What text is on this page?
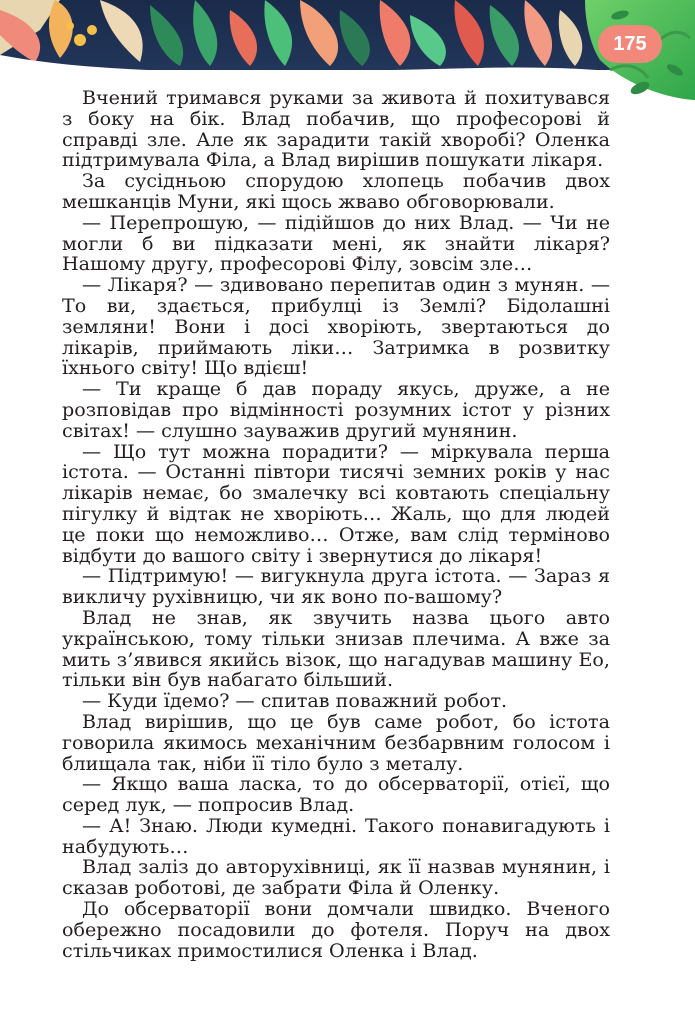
175

Вчений тримався руками за живота й похитувався з боку на бік. Влад побачив, що професорові й справді зле. Але як зарадити такій хворобі? Оленка підтримувала Філа, а Влад вирішив пошукати лікаря.

За сусідньою спорудою хлопець побачив двох мешканців Муни, які щось жваво обговорювали.

— Перепрошую, — підійшов до них Влад. — Чи не могли б ви підказати мені, як знайти лікаря? Нашому другу, професорові Філу, зовсім зле…

— Лікаря? — здивовано перепитав один з мунян. — То ви, здається, прибулці із Землі? Бідолашні земляни! Вони і досі хворіють, звертаються до лікарів, приймають ліки… Затримка в розвитку їхнього світу! Що вдієш!

— Ти краще б дав пораду якусь, друже, а не розповідав про відмінності розумних істот у різних світах! — слушно зауважив другий мунянин.

— Що тут можна порадити? — міркувала перша істота. — Останні півтори тисячі земних років у нас лікарів немає, бо змалечку всі ковтають спеціальну пігулку й відтак не хворіють… Жаль, що для людей це поки що неможливо… Отже, вам слід терміново відбути до вашого світу і звернутися до лікаря!

— Підтримую! — вигукнула друга істота. — Зараз я викличу рухівницю, чи як воно по-вашому?

Влад не знав, як звучить назва цього авто українською, тому тільки знизав плечима. А вже за мить з’явився якийсь візок, що нагадував машину Ео, тільки він був набагато більший.

— Куди їдемо? — спитав поважний робот.

Влад вирішив, що це був саме робот, бо істота говорила якимось механічним безбарвним голосом і блищала так, ніби її тіло було з металу.

— Якщо ваша ласка, то до обсерваторії, отієї, що серед лук, — попросив Влад.

— А! Знаю. Люди кумедні. Такого понавигадують і набудують…

Влад заліз до авторухівниці, як її назвав мунянин, і сказав роботові, де забрати Філа й Оленку.

До обсерваторії вони домчали швидко. Вченого обережно посадовили до фотеля. Поруч на двох стільчиках примостилися Оленка і Влад.
